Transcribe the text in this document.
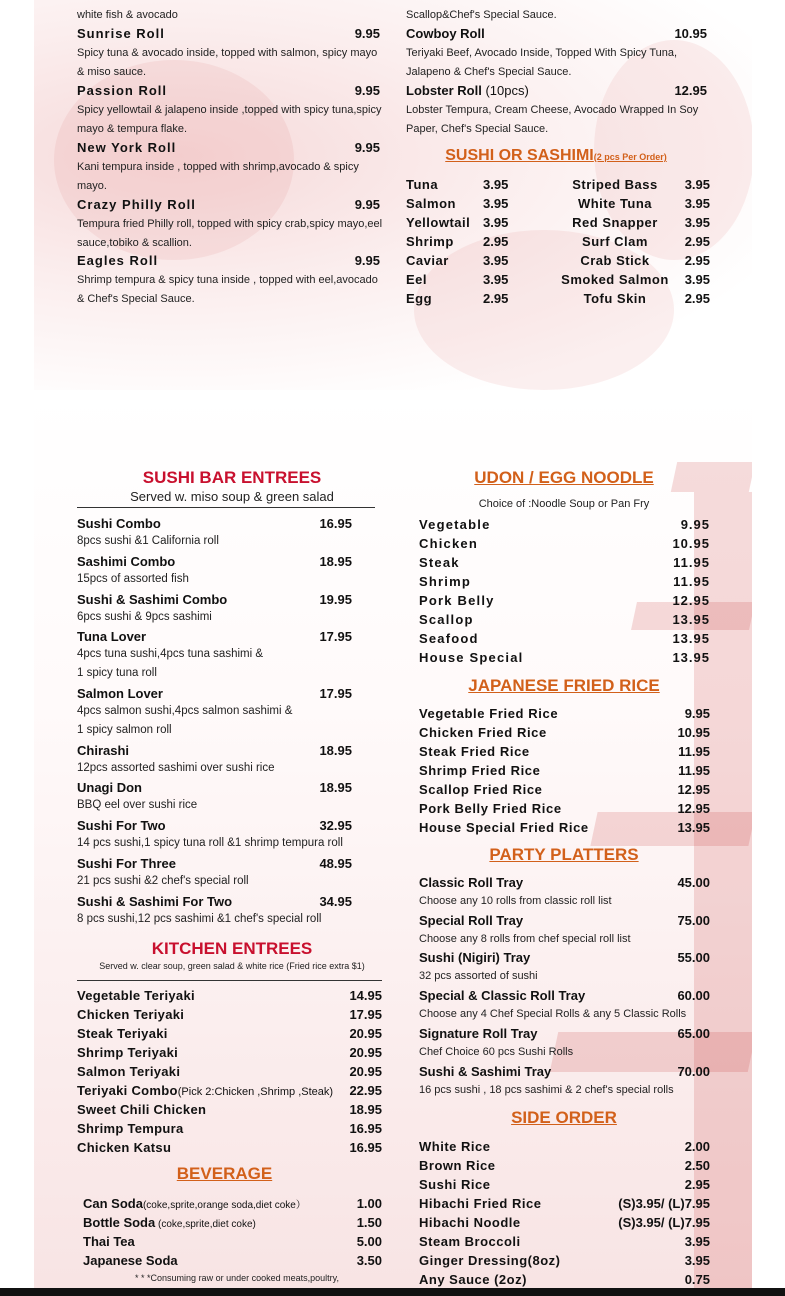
white fish & avocado
Sunrise Roll	9.95
Spicy tuna & avocado inside, topped with salmon, spicy mayo
& miso sauce.
Passion Roll	9.95
Spicy yellowtail & jalapeno inside ,topped with spicy tuna,spicy
mayo & tempura flake.
New York Roll	9.95
Kani tempura inside , topped with shrimp,avocado & spicy
mayo.
Crazy Philly Roll	9.95
Tempura fried Philly roll, topped with spicy crab,spicy mayo,eel
sauce,tobiko & scallion.
Eagles Roll	9.95
Shrimp tempura & spicy tuna inside , topped with eel,avocado
& Chef's Special Sauce.
Scallop&Chef's Special Sauce.
Cowboy Roll	10.95
Teriyaki Beef, Avocado Inside, Topped With Spicy Tuna,
Jalapeno & Chef's Special Sauce.
Lobster Roll (10pcs)	12.95
Lobster Tempura, Cream Cheese, Avocado Wrapped In Soy
Paper, Chef's Special Sauce.
SUSHI OR SASHIMI(2 pcs Per Order)
Tuna	3.95	Striped Bass	3.95
Salmon 3.95	White Tuna	3.95
Yellowtail 3.95	Red Snapper	3.95
Shrimp 2.95	Surf Clam	2.95
Caviar	3.95	Crab Stick	2.95
Eel	3.95	Smoked Salmon	3.95
Egg	2.95	Tofu Skin	2.95
SUSHI BAR ENTREES
Served w. miso soup & green salad
Sushi Combo	16.95
8pcs sushi &1 California roll
Sashimi Combo	18.95
15pcs of assorted fish
Sushi & Sashimi Combo	19.95
6pcs sushi & 9pcs sashimi
Tuna Lover	17.95
4pcs tuna sushi,4pcs tuna sashimi &
1 spicy tuna roll
Salmon Lover	17.95
4pcs salmon sushi,4pcs salmon sashimi &
1 spicy salmon roll
Chirashi	18.95
12pcs assorted sashimi over sushi rice
Unagi Don	18.95
BBQ eel over sushi rice
Sushi For Two	32.95
14 pcs sushi,1 spicy tuna roll &1 shrimp tempura roll
Sushi For Three	48.95
21 pcs sushi &2 chef's special roll
Sushi & Sashimi For Two	34.95
8 pcs sushi,12 pcs sashimi &1 chef's special roll
KITCHEN ENTREES
Served w. clear soup, green salad & white rice (Fried rice extra $1)
Vegetable Teriyaki	14.95
Chicken Teriyaki	17.95
Steak Teriyaki	20.95
Shrimp Teriyaki	20.95
Salmon Teriyaki	20.95
Teriyaki Combo(Pick 2:Chicken ,Shrimp ,Steak)	22.95
Sweet Chili Chicken	18.95
Shrimp Tempura	16.95
Chicken Katsu	16.95
BEVERAGE
Can Soda(coke,sprite,orange soda,diet coke）	1.00
Bottle Soda (coke,sprite,diet coke)	1.50
Thai Tea	5.00
Japanese Soda	3.50
* * *Consuming raw or under cooked meats,poultry,
UDON / EGG NOODLE
Choice of :Noodle Soup or Pan Fry
Vegetable	9.95
Chicken	10.95
Steak	11.95
Shrimp	11.95
Pork Belly	12.95
Scallop	13.95
Seafood	13.95
House Special	13.95
JAPANESE FRIED RICE
Vegetable Fried Rice	9.95
Chicken Fried Rice	10.95
Steak Fried Rice	11.95
Shrimp Fried Rice	11.95
Scallop Fried Rice	12.95
Pork Belly Fried Rice	12.95
House Special Fried Rice	13.95
PARTY PLATTERS
Classic Roll Tray	45.00
Choose any 10 rolls from classic roll list
Special Roll Tray	75.00
Choose any 8 rolls from chef special roll list
Sushi (Nigiri) Tray	55.00
32 pcs assorted of sushi
Special & Classic Roll Tray	60.00
Choose any 4 Chef Special Rolls & any 5 Classic Rolls
Signature Roll Tray	65.00
Chef Choice 60 pcs Sushi Rolls
Sushi & Sashimi Tray	70.00
16 pcs sushi , 18 pcs sashimi & 2 chef's special rolls
SIDE ORDER
White Rice	2.00
Brown Rice	2.50
Sushi Rice	2.95
Hibachi Fried Rice	(S)3.95/ (L)7.95
Hibachi Noodle	(S)3.95/ (L)7.95
Steam Broccoli	3.95
Ginger Dressing(8oz)	3.95
Any Sauce (2oz)	0.75
